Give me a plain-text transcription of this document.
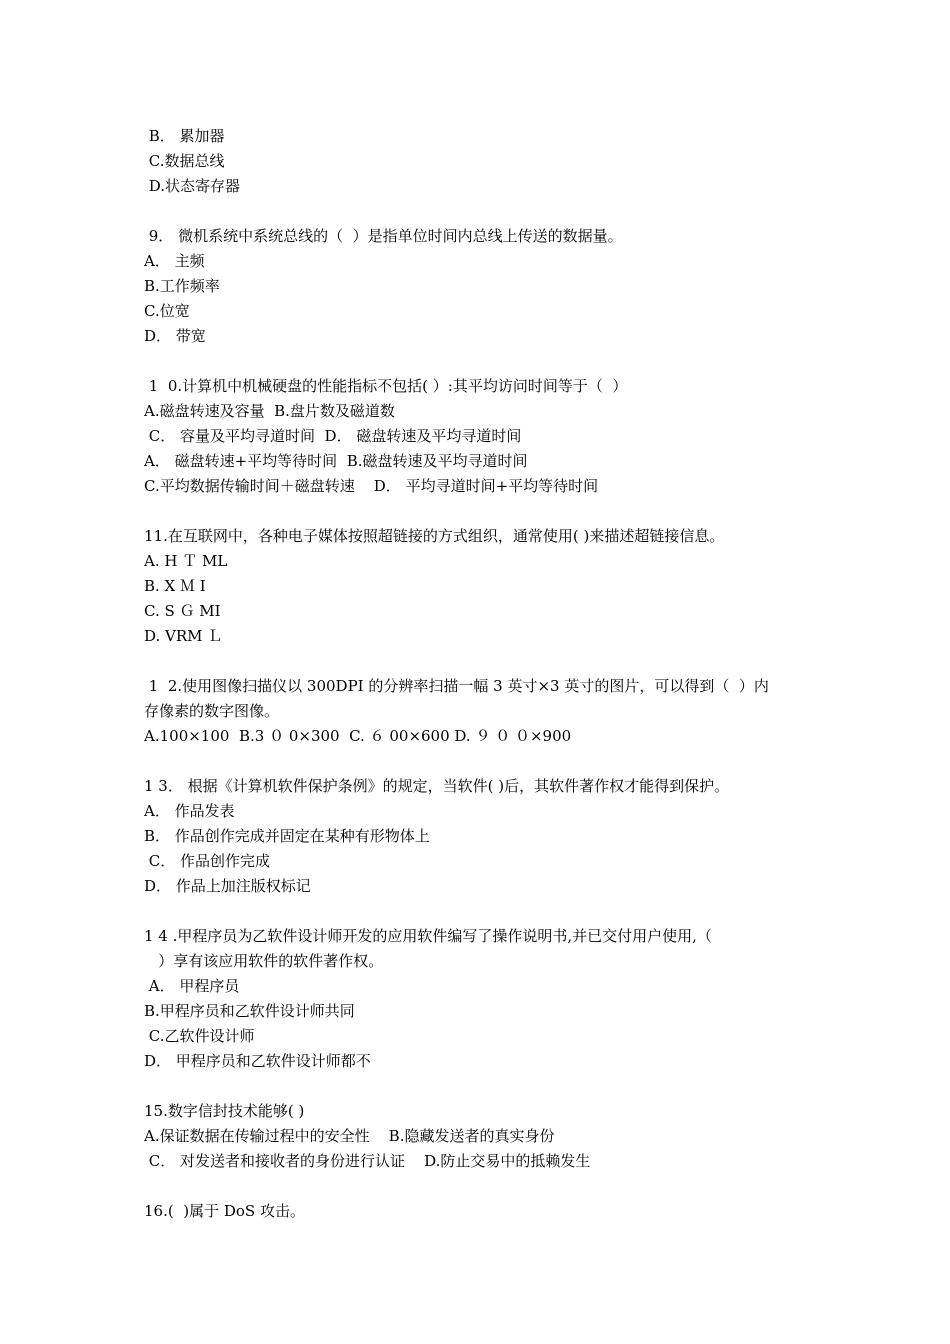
B． 累加器
C.数据总线
D.状态寄存器
9． 微机系统中系统总线的（  ）是指单位时间内总线上传送的数据量。
A． 主频
B.工作频率
C.位宽
D． 带宽
1  0.计算机中机械硬盘的性能指标不包括( ）:其平均访问时间等于（  ）
A.磁盘转速及容量  B.盘片数及磁道数
C． 容量及平均寻道时间  D． 磁盘转速及平均寻道时间
A． 磁盘转速+平均等待时间  B.磁盘转速及平均寻道时间
C.平均数据传输时间＋磁盘转速    D． 平均寻道时间+平均等待时间
11.在互联网中，各种电子媒体按照超链接的方式组织，通常使用( )来描述超链接信息。
A. H Ｔ ML
B. X Ｍ I
C. S Ｇ MI
D. VRM Ｌ
1  2.使用图像扫描仪以 300DPI 的分辨率扫描一幅 3 英寸×3 英寸的图片，可以得到（  ）内
存像素的数字图像。
A.100×100  B.3 ０ 0×300  C. ６ 00×600 D. ９ ０ ０×900
1 3． 根据《计算机软件保护条例》的规定，当软件( )后，其软件著作权才能得到保护。
A． 作品发表
B． 作品创作完成并固定在某种有形物体上
C． 作品创作完成
D． 作品上加注版权标记
1 4 .甲程序员为乙软件设计师开发的应用软件编写了操作说明书,并已交付用户使用,（
）享有该应用软件的软件著作权。
A． 甲程序员
B.甲程序员和乙软件设计师共同
C.乙软件设计师
D． 甲程序员和乙软件设计师都不
15.数字信封技术能够( )
A.保证数据在传输过程中的安全性    B.隐藏发送者的真实身份
C． 对发送者和接收者的身份进行认证    D.防止交易中的抵赖发生
16.(  )属于 DoS 攻击。
